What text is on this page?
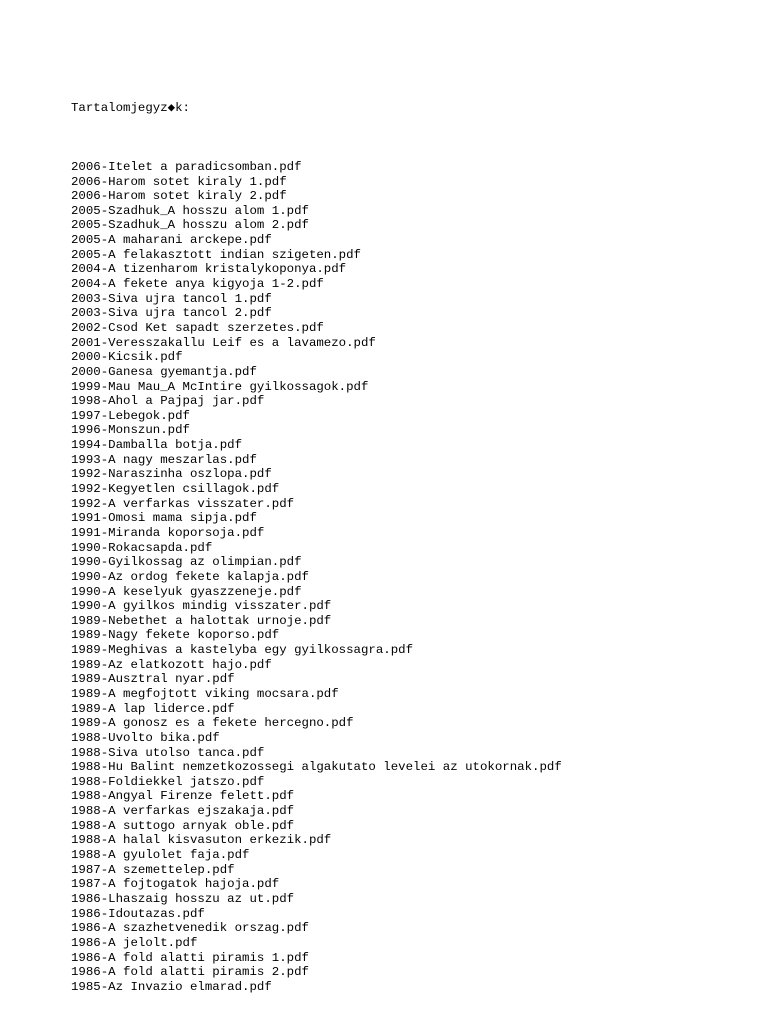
Tartalomjegyz◆k:

2006-Itelet a paradicsomban.pdf
2006-Harom sotet kiraly 1.pdf
2006-Harom sotet kiraly 2.pdf
2005-Szadhuk_A hosszu alom 1.pdf
2005-Szadhuk_A hosszu alom 2.pdf
2005-A maharani arckepe.pdf
2005-A felakasztott indian szigeten.pdf
2004-A tizenharom kristalykoponya.pdf
2004-A fekete anya kigyoja 1-2.pdf
2003-Siva ujra tancol 1.pdf
2003-Siva ujra tancol 2.pdf
2002-Csod Ket sapadt szerzetes.pdf
2001-Veresszakallu Leif es a lavamezo.pdf
2000-Kicsik.pdf
2000-Ganesa gyemantja.pdf
1999-Mau Mau_A McIntire gyilkossagok.pdf
1998-Ahol a Pajpaj jar.pdf
1997-Lebegok.pdf
1996-Monszun.pdf
1994-Damballa botja.pdf
1993-A nagy meszarlas.pdf
1992-Naraszinha oszlopa.pdf
1992-Kegyetlen csillagok.pdf
1992-A verfarkas visszater.pdf
1991-Omosi mama sipja.pdf
1991-Miranda koporsoja.pdf
1990-Rokacsapda.pdf
1990-Gyilkossag az olimpian.pdf
1990-Az ordog fekete kalapja.pdf
1990-A keselyuk gyaszzeneje.pdf
1990-A gyilkos mindig visszater.pdf
1989-Nebethet a halottak urnoje.pdf
1989-Nagy fekete koporso.pdf
1989-Meghivas a kastelyba egy gyilkossagra.pdf
1989-Az elatkozott hajo.pdf
1989-Ausztral nyar.pdf
1989-A megfojtott viking mocsara.pdf
1989-A lap liderce.pdf
1989-A gonosz es a fekete hercegno.pdf
1988-Uvolto bika.pdf
1988-Siva utolso tanca.pdf
1988-Hu Balint nemzetkozossegi algakutato levelei az utokornak.pdf
1988-Foldiekkel jatszo.pdf
1988-Angyal Firenze felett.pdf
1988-A verfarkas ejszakaja.pdf
1988-A suttogo arnyak oble.pdf
1988-A halal kisvasuton erkezik.pdf
1988-A gyulolet faja.pdf
1987-A szemettelep.pdf
1987-A fojtogatok hajoja.pdf
1986-Lhaszaig hosszu az ut.pdf
1986-Idoutazas.pdf
1986-A szazhetvenedik orszag.pdf
1986-A jelolt.pdf
1986-A fold alatti piramis 1.pdf
1986-A fold alatti piramis 2.pdf
1985-Az Invazio elmarad.pdf
